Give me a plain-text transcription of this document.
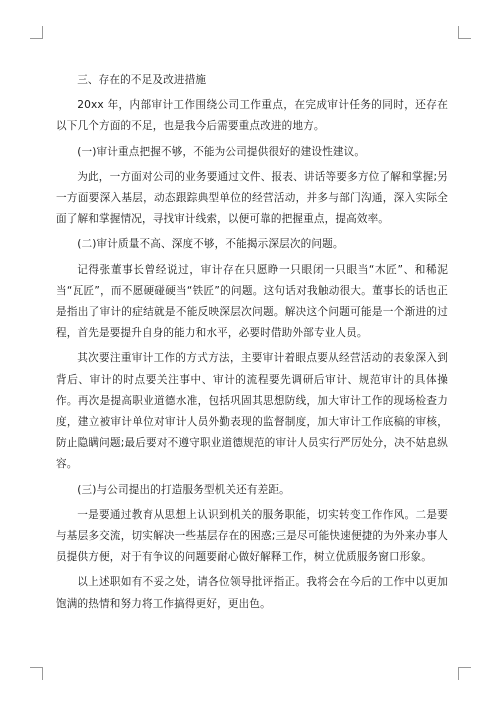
三、存在的不足及改进措施

20xx 年，内部审计工作围绕公司工作重点，在完成审计任务的同时，还存在以下几个方面的不足，也是我今后需要重点改进的地方。

(一)审计重点把握不够，不能为公司提供很好的建设性建议。

为此，一方面对公司的业务要通过文件、报表、讲话等要多方位了解和掌握;另一方面要深入基层，动态跟踪典型单位的经营活动，并多与部门沟通，深入实际全面了解和掌握情况，寻找审计线索，以便可靠的把握重点，提高效率。

(二)审计质量不高、深度不够，不能揭示深层次的问题。

记得张董事长曾经说过，审计存在只愿睁一只眼闭一只眼当“木匠”、和稀泥当“瓦匠”，而不愿硬碰硬当“铁匠”的问题。这句话对我触动很大。董事长的话也正是指出了审计的症结就是不能反映深层次问题。解决这个问题可能是一个渐进的过程，首先是要提升自身的能力和水平，必要时借助外部专业人员。

其次要注重审计工作的方式方法，主要审计着眼点要从经营活动的表象深入到背后、审计的时点要关注事中、审计的流程要先调研后审计、规范审计的具体操作。再次是提高职业道德水准，包括巩固其思想防线，加大审计工作的现场检查力度，建立被审计单位对审计人员外勤表现的监督制度，加大审计工作底稿的审核，防止隐瞒问题;最后要对不遵守职业道德规范的审计人员实行严厉处分，决不姑息纵容。

(三)与公司提出的打造服务型机关还有差距。

一是要通过教育从思想上认识到机关的服务职能，切实转变工作作风。二是要与基层多交流，切实解决一些基层存在的困惑;三是尽可能快速便捷的为外来办事人员提供方便，对于有争议的问题要耐心做好解释工作，树立优质服务窗口形象。

以上述职如有不妥之处，请各位领导批评指正。我将会在今后的工作中以更加饱满的热情和努力将工作搞得更好，更出色。
